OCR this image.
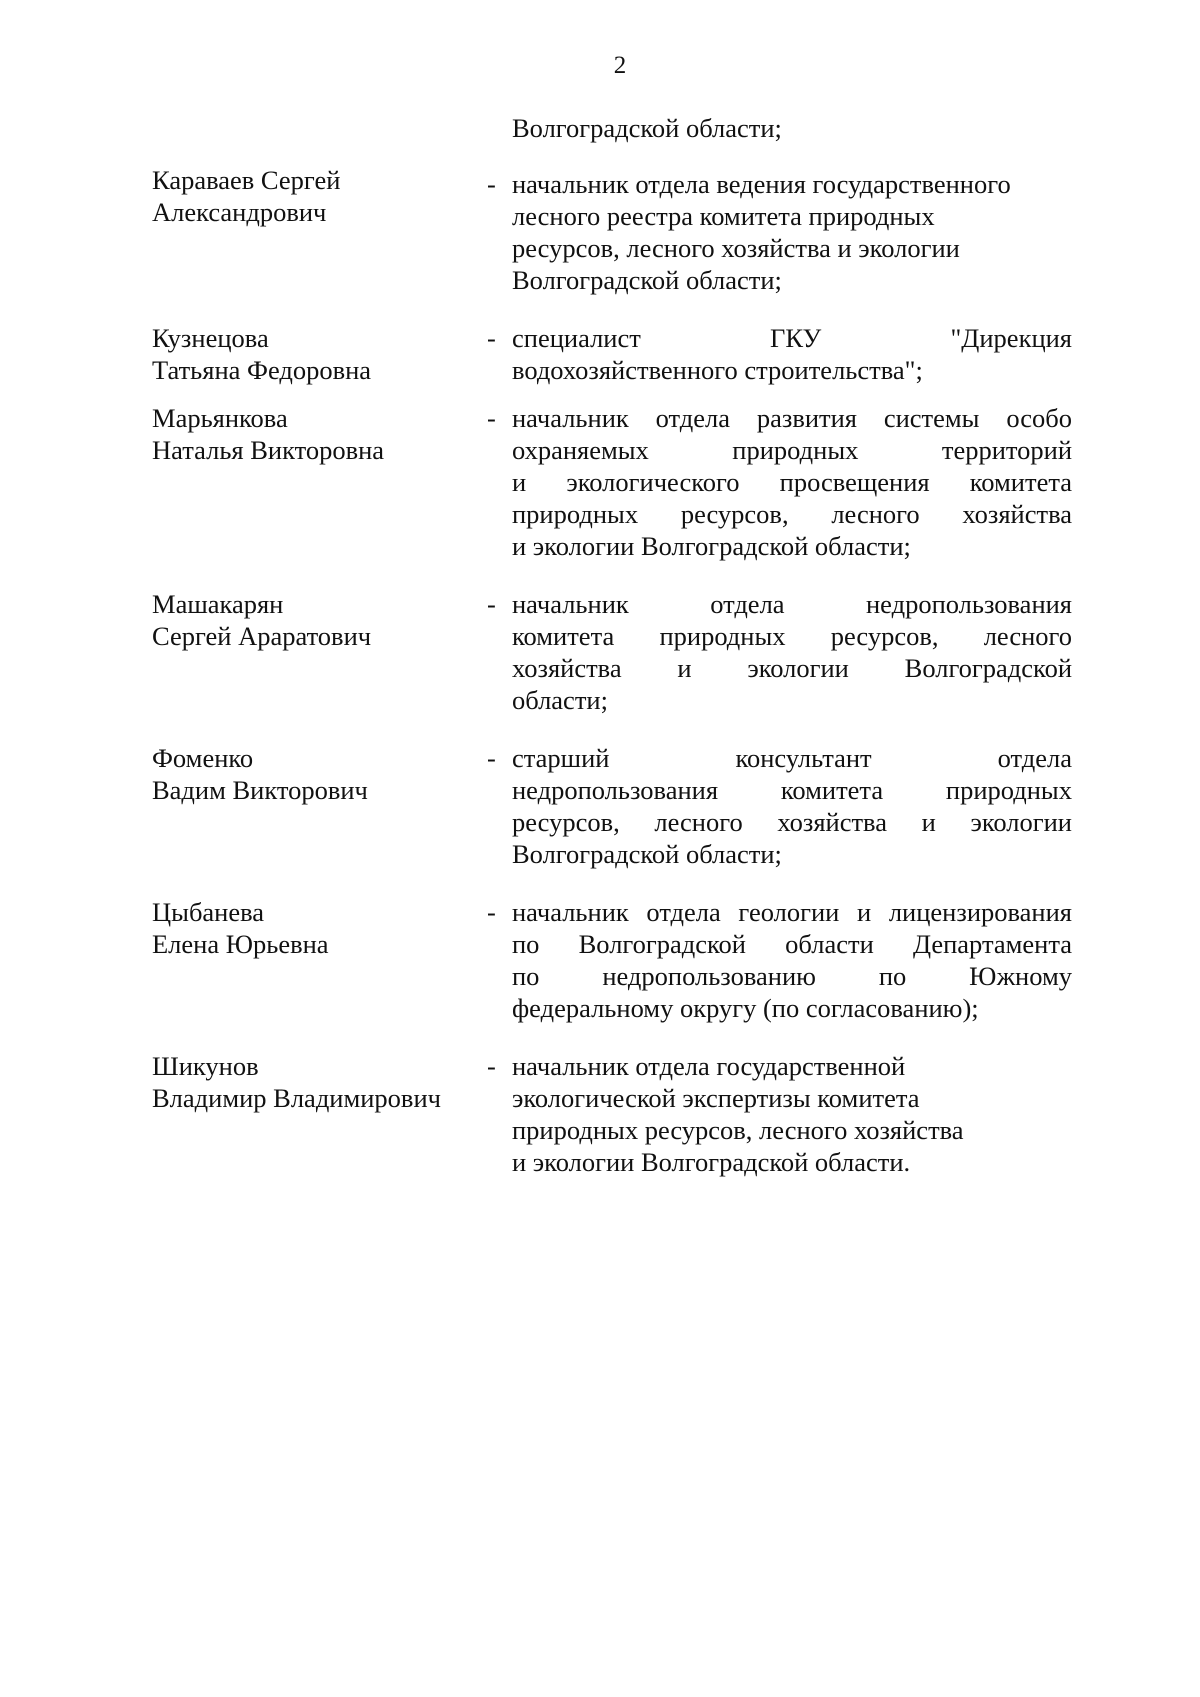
2
Волгоградской области;
Караваев Сергей
Александрович
- начальник отдела ведения государственного
лесного реестра комитета природных
ресурсов, лесного хозяйства и экологии
Волгоградской области;
Кузнецова
Татьяна Федоровна
- специалист ГКУ "Дирекция
водохозяйственного строительства";
Марьянкова
Наталья Викторовна
- начальник отдела развития системы особо
охраняемых природных территорий
и экологического просвещения комитета
природных ресурсов, лесного хозяйства
и экологии Волгоградской области;
Машакарян
Сергей Араратович
- начальник отдела недропользования
комитета природных ресурсов, лесного
хозяйства и экологии Волгоградской
области;
Фоменко
Вадим Викторович
- старший консультант отдела
недропользования комитета природных
ресурсов, лесного хозяйства и экологии
Волгоградской области;
Цыбанева
Елена Юрьевна
- начальник отдела геологии и лицензирования
по Волгоградской области Департамента
по недропользованию по Южному
федеральному округу (по согласованию);
Шикунов
Владимир Владимирович
- начальник отдела государственной
экологической экспертизы комитета
природных ресурсов, лесного хозяйства
и экологии Волгоградской области.
